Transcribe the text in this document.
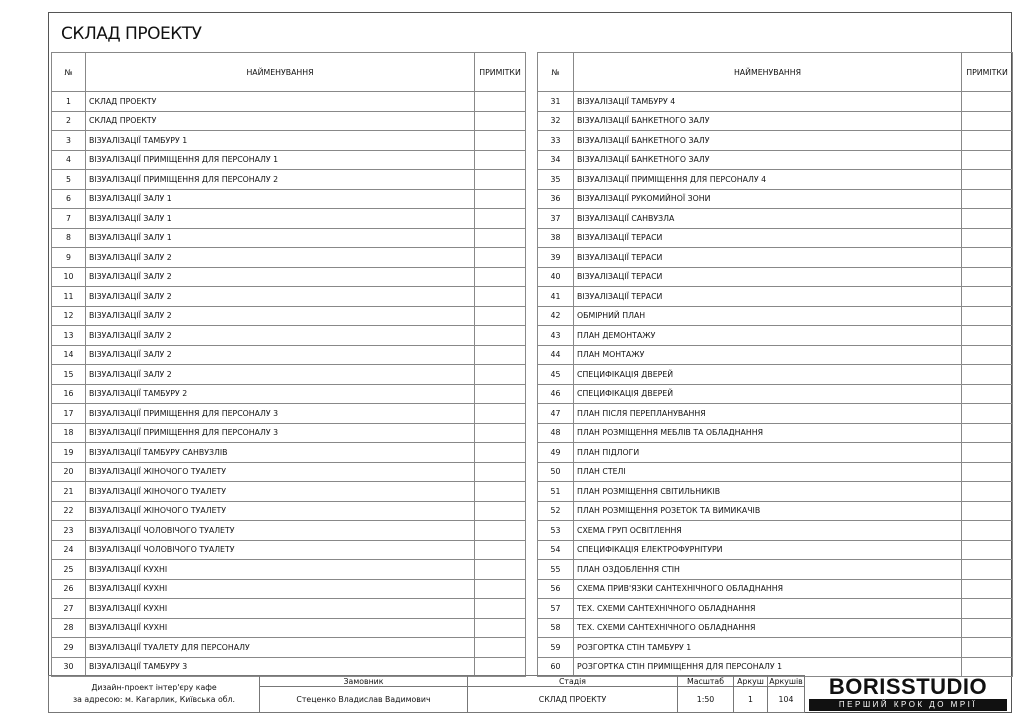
СКЛАД ПРОЕКТУ
№	НАЙМЕНУВАННЯ	ПРИМІТКИ
1	СКЛАД ПРОЕКТУ	
2	СКЛАД ПРОЕКТУ	
3	ВІЗУАЛІЗАЦІЇ ТАМБУРУ 1	
4	ВІЗУАЛІЗАЦІЇ ПРИМІЩЕННЯ ДЛЯ ПЕРСОНАЛУ 1	
5	ВІЗУАЛІЗАЦІЇ ПРИМІЩЕННЯ ДЛЯ ПЕРСОНАЛУ 2	
6	ВІЗУАЛІЗАЦІЇ ЗАЛУ 1	
7	ВІЗУАЛІЗАЦІЇ ЗАЛУ 1	
8	ВІЗУАЛІЗАЦІЇ ЗАЛУ 1	
9	ВІЗУАЛІЗАЦІЇ ЗАЛУ 2	
10	ВІЗУАЛІЗАЦІЇ ЗАЛУ 2	
11	ВІЗУАЛІЗАЦІЇ ЗАЛУ 2	
12	ВІЗУАЛІЗАЦІЇ ЗАЛУ 2	
13	ВІЗУАЛІЗАЦІЇ ЗАЛУ 2	
14	ВІЗУАЛІЗАЦІЇ ЗАЛУ 2	
15	ВІЗУАЛІЗАЦІЇ ЗАЛУ 2	
16	ВІЗУАЛІЗАЦІЇ ТАМБУРУ 2	
17	ВІЗУАЛІЗАЦІЇ ПРИМІЩЕННЯ ДЛЯ ПЕРСОНАЛУ 3	
18	ВІЗУАЛІЗАЦІЇ ПРИМІЩЕННЯ ДЛЯ ПЕРСОНАЛУ 3	
19	ВІЗУАЛІЗАЦІЇ ТАМБУРУ САНВУЗЛІВ	
20	ВІЗУАЛІЗАЦІЇ ЖІНОЧОГО ТУАЛЕТУ	
21	ВІЗУАЛІЗАЦІЇ ЖІНОЧОГО ТУАЛЕТУ	
22	ВІЗУАЛІЗАЦІЇ ЖІНОЧОГО ТУАЛЕТУ	
23	ВІЗУАЛІЗАЦІЇ ЧОЛОВІЧОГО ТУАЛЕТУ	
24	ВІЗУАЛІЗАЦІЇ ЧОЛОВІЧОГО ТУАЛЕТУ	
25	ВІЗУАЛІЗАЦІЇ КУХНІ	
26	ВІЗУАЛІЗАЦІЇ КУХНІ	
27	ВІЗУАЛІЗАЦІЇ КУХНІ	
28	ВІЗУАЛІЗАЦІЇ КУХНІ	
29	ВІЗУАЛІЗАЦІЇ ТУАЛЕТУ ДЛЯ ПЕРСОНАЛУ	
30	ВІЗУАЛІЗАЦІЇ ТАМБУРУ 3	
№	НАЙМЕНУВАННЯ	ПРИМІТКИ
31	ВІЗУАЛІЗАЦІЇ ТАМБУРУ 4	
32	ВІЗУАЛІЗАЦІЇ БАНКЕТНОГО ЗАЛУ	
33	ВІЗУАЛІЗАЦІЇ БАНКЕТНОГО ЗАЛУ	
34	ВІЗУАЛІЗАЦІЇ БАНКЕТНОГО ЗАЛУ	
35	ВІЗУАЛІЗАЦІЇ ПРИМІЩЕННЯ ДЛЯ ПЕРСОНАЛУ 4	
36	ВІЗУАЛІЗАЦІЇ РУКОМИЙНОЇ ЗОНИ	
37	ВІЗУАЛІЗАЦІЇ САНВУЗЛА	
38	ВІЗУАЛІЗАЦІЇ ТЕРАСИ	
39	ВІЗУАЛІЗАЦІЇ ТЕРАСИ	
40	ВІЗУАЛІЗАЦІЇ ТЕРАСИ	
41	ВІЗУАЛІЗАЦІЇ ТЕРАСИ	
42	ОБМІРНИЙ ПЛАН	
43	ПЛАН ДЕМОНТАЖУ	
44	ПЛАН МОНТАЖУ	
45	СПЕЦИФІКАЦІЯ ДВЕРЕЙ	
46	СПЕЦИФІКАЦІЯ ДВЕРЕЙ	
47	ПЛАН ПІСЛЯ ПЕРЕПЛАНУВАННЯ	
48	ПЛАН РОЗМІЩЕННЯ МЕБЛІВ ТА ОБЛАДНАННЯ	
49	ПЛАН ПІДЛОГИ	
50	ПЛАН СТЕЛІ	
51	ПЛАН РОЗМІЩЕННЯ СВІТИЛЬНИКІВ	
52	ПЛАН РОЗМІЩЕННЯ РОЗЕТОК ТА ВИМИКАЧІВ	
53	СХЕМА ГРУП ОСВІТЛЕННЯ	
54	СПЕЦИФІКАЦІЯ ЕЛЕКТРОФУРНІТУРИ	
55	ПЛАН ОЗДОБЛЕННЯ СТІН	
56	СХЕМА ПРИВ'ЯЗКИ САНТЕХНІЧНОГО ОБЛАДНАННЯ	
57	ТЕХ. СХЕМИ САНТЕХНІЧНОГО ОБЛАДНАННЯ	
58	ТЕХ. СХЕМИ САНТЕХНІЧНОГО ОБЛАДНАННЯ	
59	РОЗГОРТКА СТІН ТАМБУРУ 1	
60	РОЗГОРТКА СТІН ПРИМІЩЕННЯ ДЛЯ ПЕРСОНАЛУ 1	
Дизайн-проект інтер'єру кафе
за адресою: м. Кагарлик, Київська обл.
Замовник
Стеценко Владислав Вадимович
Стадія
СКЛАД ПРОЕКТУ
Масштаб
1:50
Аркуш
1
Аркушів
104
BORISSTUDIO
ПЕРШИЙ КРОК ДО МРІЇ
